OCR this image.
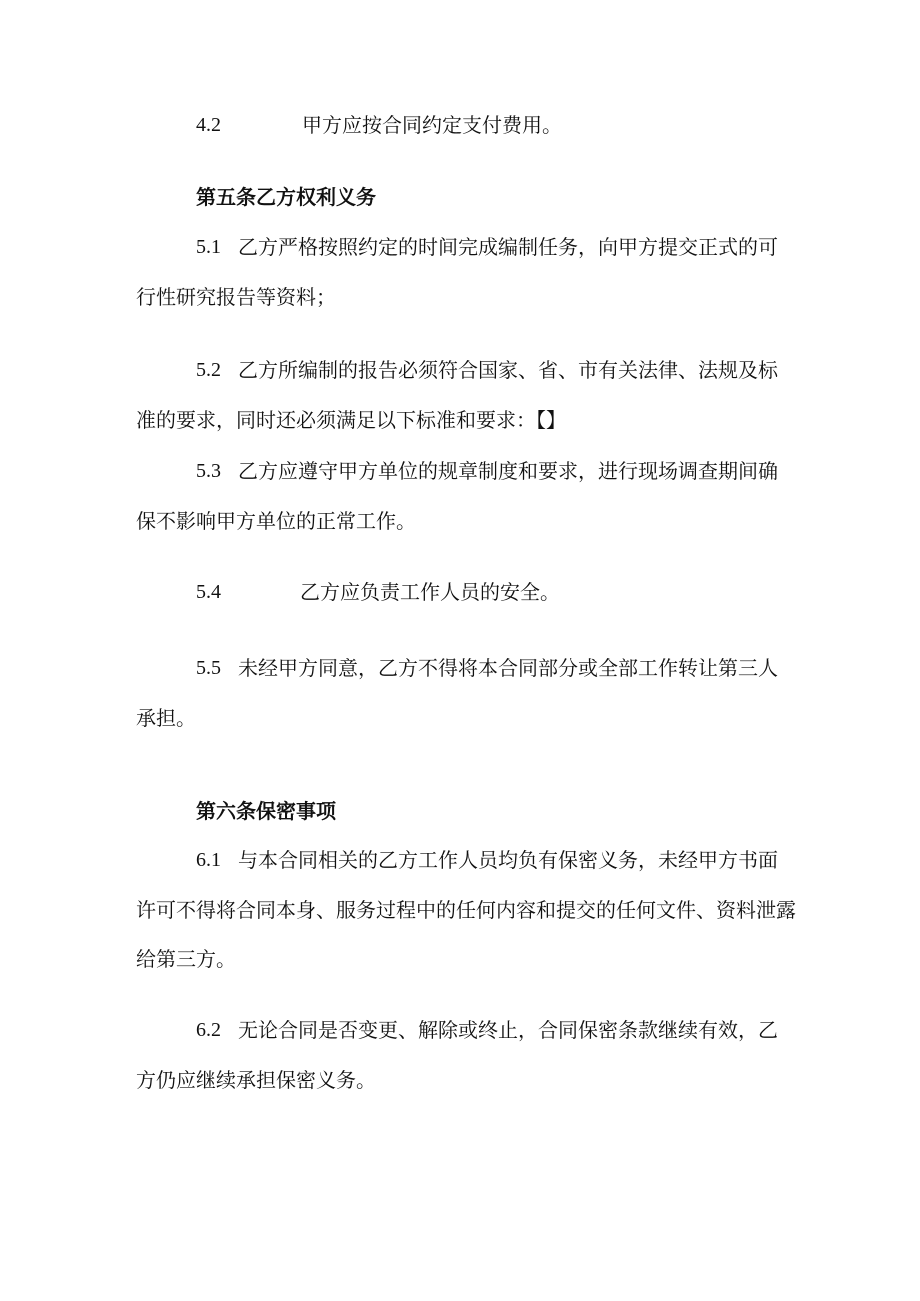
4.2	甲方应按合同约定支付费用。

第五条乙方权利义务

5.1 乙方严格按照约定的时间完成编制任务，向甲方提交正式的可

行性研究报告等资料；

5.2 乙方所编制的报告必须符合国家、省、市有关法律、法规及标

准的要求，同时还必须满足以下标准和要求：【】

5.3 乙方应遵守甲方单位的规章制度和要求，进行现场调查期间确

保不影响甲方单位的正常工作。

5.4	乙方应负责工作人员的安全。

5.5 未经甲方同意，乙方不得将本合同部分或全部工作转让第三人

承担。

第六条保密事项

6.1 与本合同相关的乙方工作人员均负有保密义务，未经甲方书面

许可不得将合同本身、服务过程中的任何内容和提交的任何文件、资料泄露

给第三方。

6.2 无论合同是否变更、解除或终止，合同保密条款继续有效，乙

方仍应继续承担保密义务。
